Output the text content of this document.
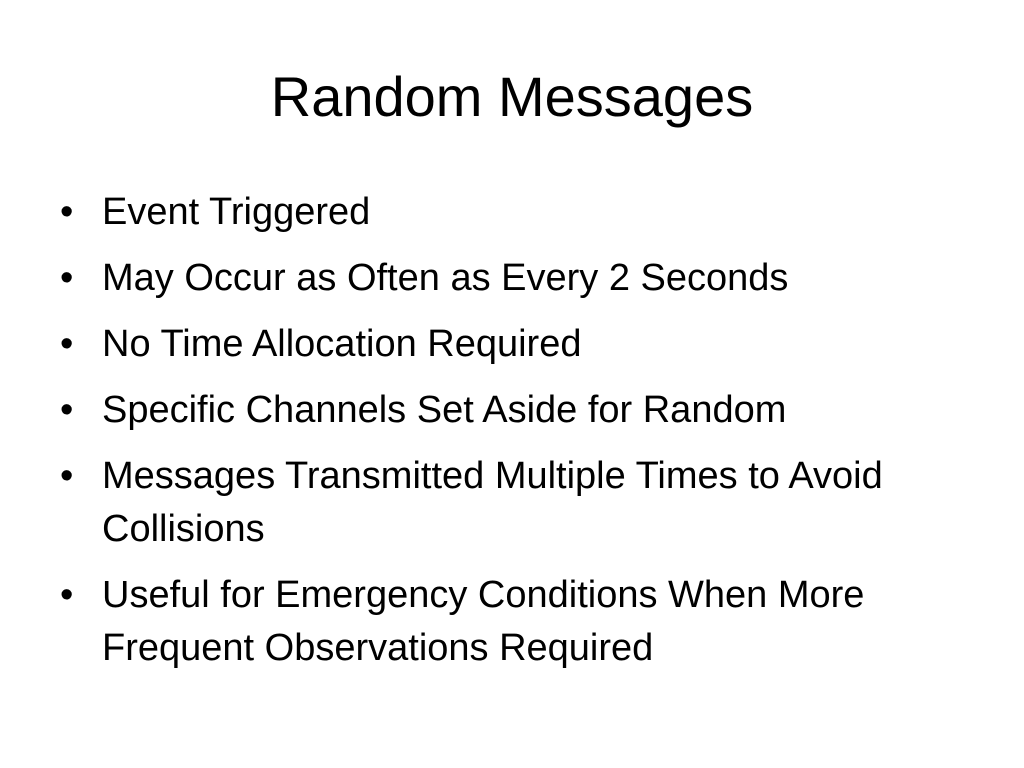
Random Messages
• Event Triggered
• May Occur as Often as Every 2 Seconds
• No Time Allocation Required
• Specific Channels Set Aside for Random
• Messages Transmitted Multiple Times to Avoid Collisions
• Useful for Emergency Conditions When More Frequent Observations Required
